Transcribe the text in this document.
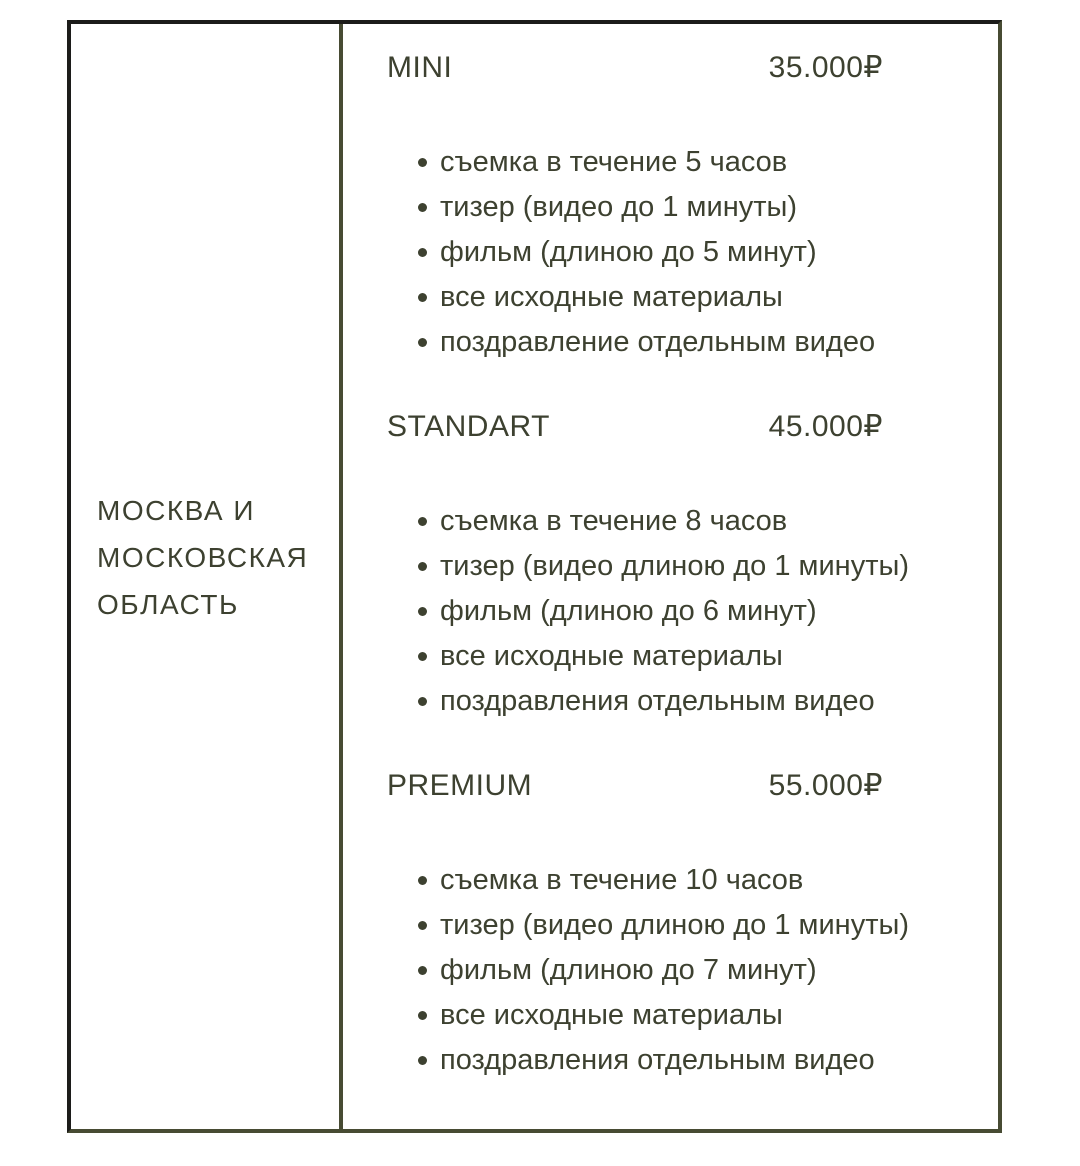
МОСКВА И
МОСКОВСКАЯ
ОБЛАСТЬ
MINI	35.000₽
съемка в течение 5 часов
тизер (видео до 1 минуты)
фильм (длиною до 5 минут)
все исходные материалы
поздравление отдельным видео
STANDART	45.000₽
съемка в течение 8 часов
тизер (видео длиною до 1 минуты)
фильм (длиною до 6 минут)
все исходные материалы
поздравления отдельным видео
PREMIUM	55.000₽
съемка в течение 10 часов
тизер (видео длиною до 1 минуты)
фильм (длиною до 7 минут)
все исходные материалы
поздравления отдельным видео
